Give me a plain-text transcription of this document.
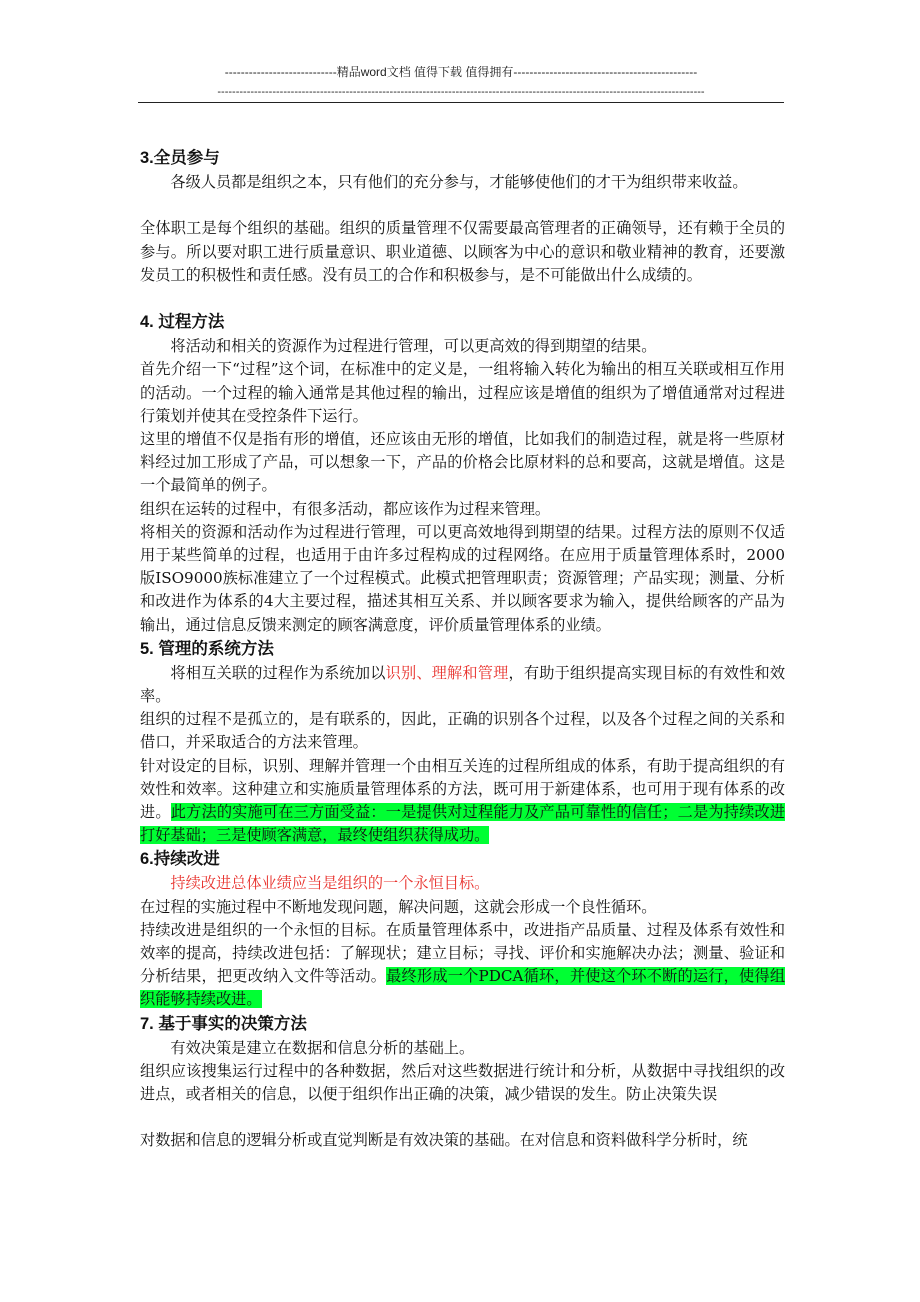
----------------------------精品word文档 值得下载 值得拥有----------------------------------------------
-------------------------------------------------------------------------------------------------------------------------------------
3.全员参与

各级人员都是组织之本，只有他们的充分参与，才能够使他们的才干为组织带来收益。

全体职工是每个组织的基础。组织的质量管理不仅需要最高管理者的正确领导，还有赖于全员的参与。所以要对职工进行质量意识、职业道德、以顾客为中心的意识和敬业精神的教育，还要激发员工的积极性和责任感。没有员工的合作和积极参与，是不可能做出什么成绩的。

4. 过程方法

将活动和相关的资源作为过程进行管理，可以更高效的得到期望的结果。

首先介绍一下“过程”这个词，在标准中的定义是，一组将输入转化为输出的相互关联或相互作用的活动。一个过程的输入通常是其他过程的输出，过程应该是增值的组织为了增值通常对过程进行策划并使其在受控条件下运行。

这里的增值不仅是指有形的增值，还应该由无形的增值，比如我们的制造过程，就是将一些原材料经过加工形成了产品，可以想象一下，产品的价格会比原材料的总和要高，这就是增值。这是一个最简单的例子。

组织在运转的过程中，有很多活动，都应该作为过程来管理。

将相关的资源和活动作为过程进行管理，可以更高效地得到期望的结果。过程方法的原则不仅适用于某些简单的过程，也适用于由许多过程构成的过程网络。在应用于质量管理体系时，2000版ISO9000族标准建立了一个过程模式。此模式把管理职责；资源管理；产品实现；测量、分析和改进作为体系的4大主要过程，描述其相互关系、并以顾客要求为输入，提供给顾客的产品为输出，通过信息反馈来测定的顾客满意度，评价质量管理体系的业绩。

5. 管理的系统方法

将相互关联的过程作为系统加以识别、理解和管理，有助于组织提高实现目标的有效性和效率。

组织的过程不是孤立的，是有联系的，因此，正确的识别各个过程，以及各个过程之间的关系和借口，并采取适合的方法来管理。

针对设定的目标，识别、理解并管理一个由相互关连的过程所组成的体系，有助于提高组织的有效性和效率。这种建立和实施质量管理体系的方法，既可用于新建体系，也可用于现有体系的改进。此方法的实施可在三方面受益：一是提供对过程能力及产品可靠性的信任；二是为持续改进打好基础；三是使顾客满意，最终使组织获得成功。

6.持续改进

持续改进总体业绩应当是组织的一个永恒目标。

在过程的实施过程中不断地发现问题，解决问题，这就会形成一个良性循环。

持续改进是组织的一个永恒的目标。在质量管理体系中，改进指产品质量、过程及体系有效性和效率的提高，持续改进包括：了解现状；建立目标；寻找、评价和实施解决办法；测量、验证和分析结果，把更改纳入文件等活动。最终形成一个PDCA循环，并使这个环不断的运行，使得组织能够持续改进。

7. 基于事实的决策方法

有效决策是建立在数据和信息分析的基础上。

组织应该搜集运行过程中的各种数据，然后对这些数据进行统计和分析，从数据中寻找组织的改进点，或者相关的信息，以便于组织作出正确的决策，减少错误的发生。防止决策失误

对数据和信息的逻辑分析或直觉判断是有效决策的基础。在对信息和资料做科学分析时，统
